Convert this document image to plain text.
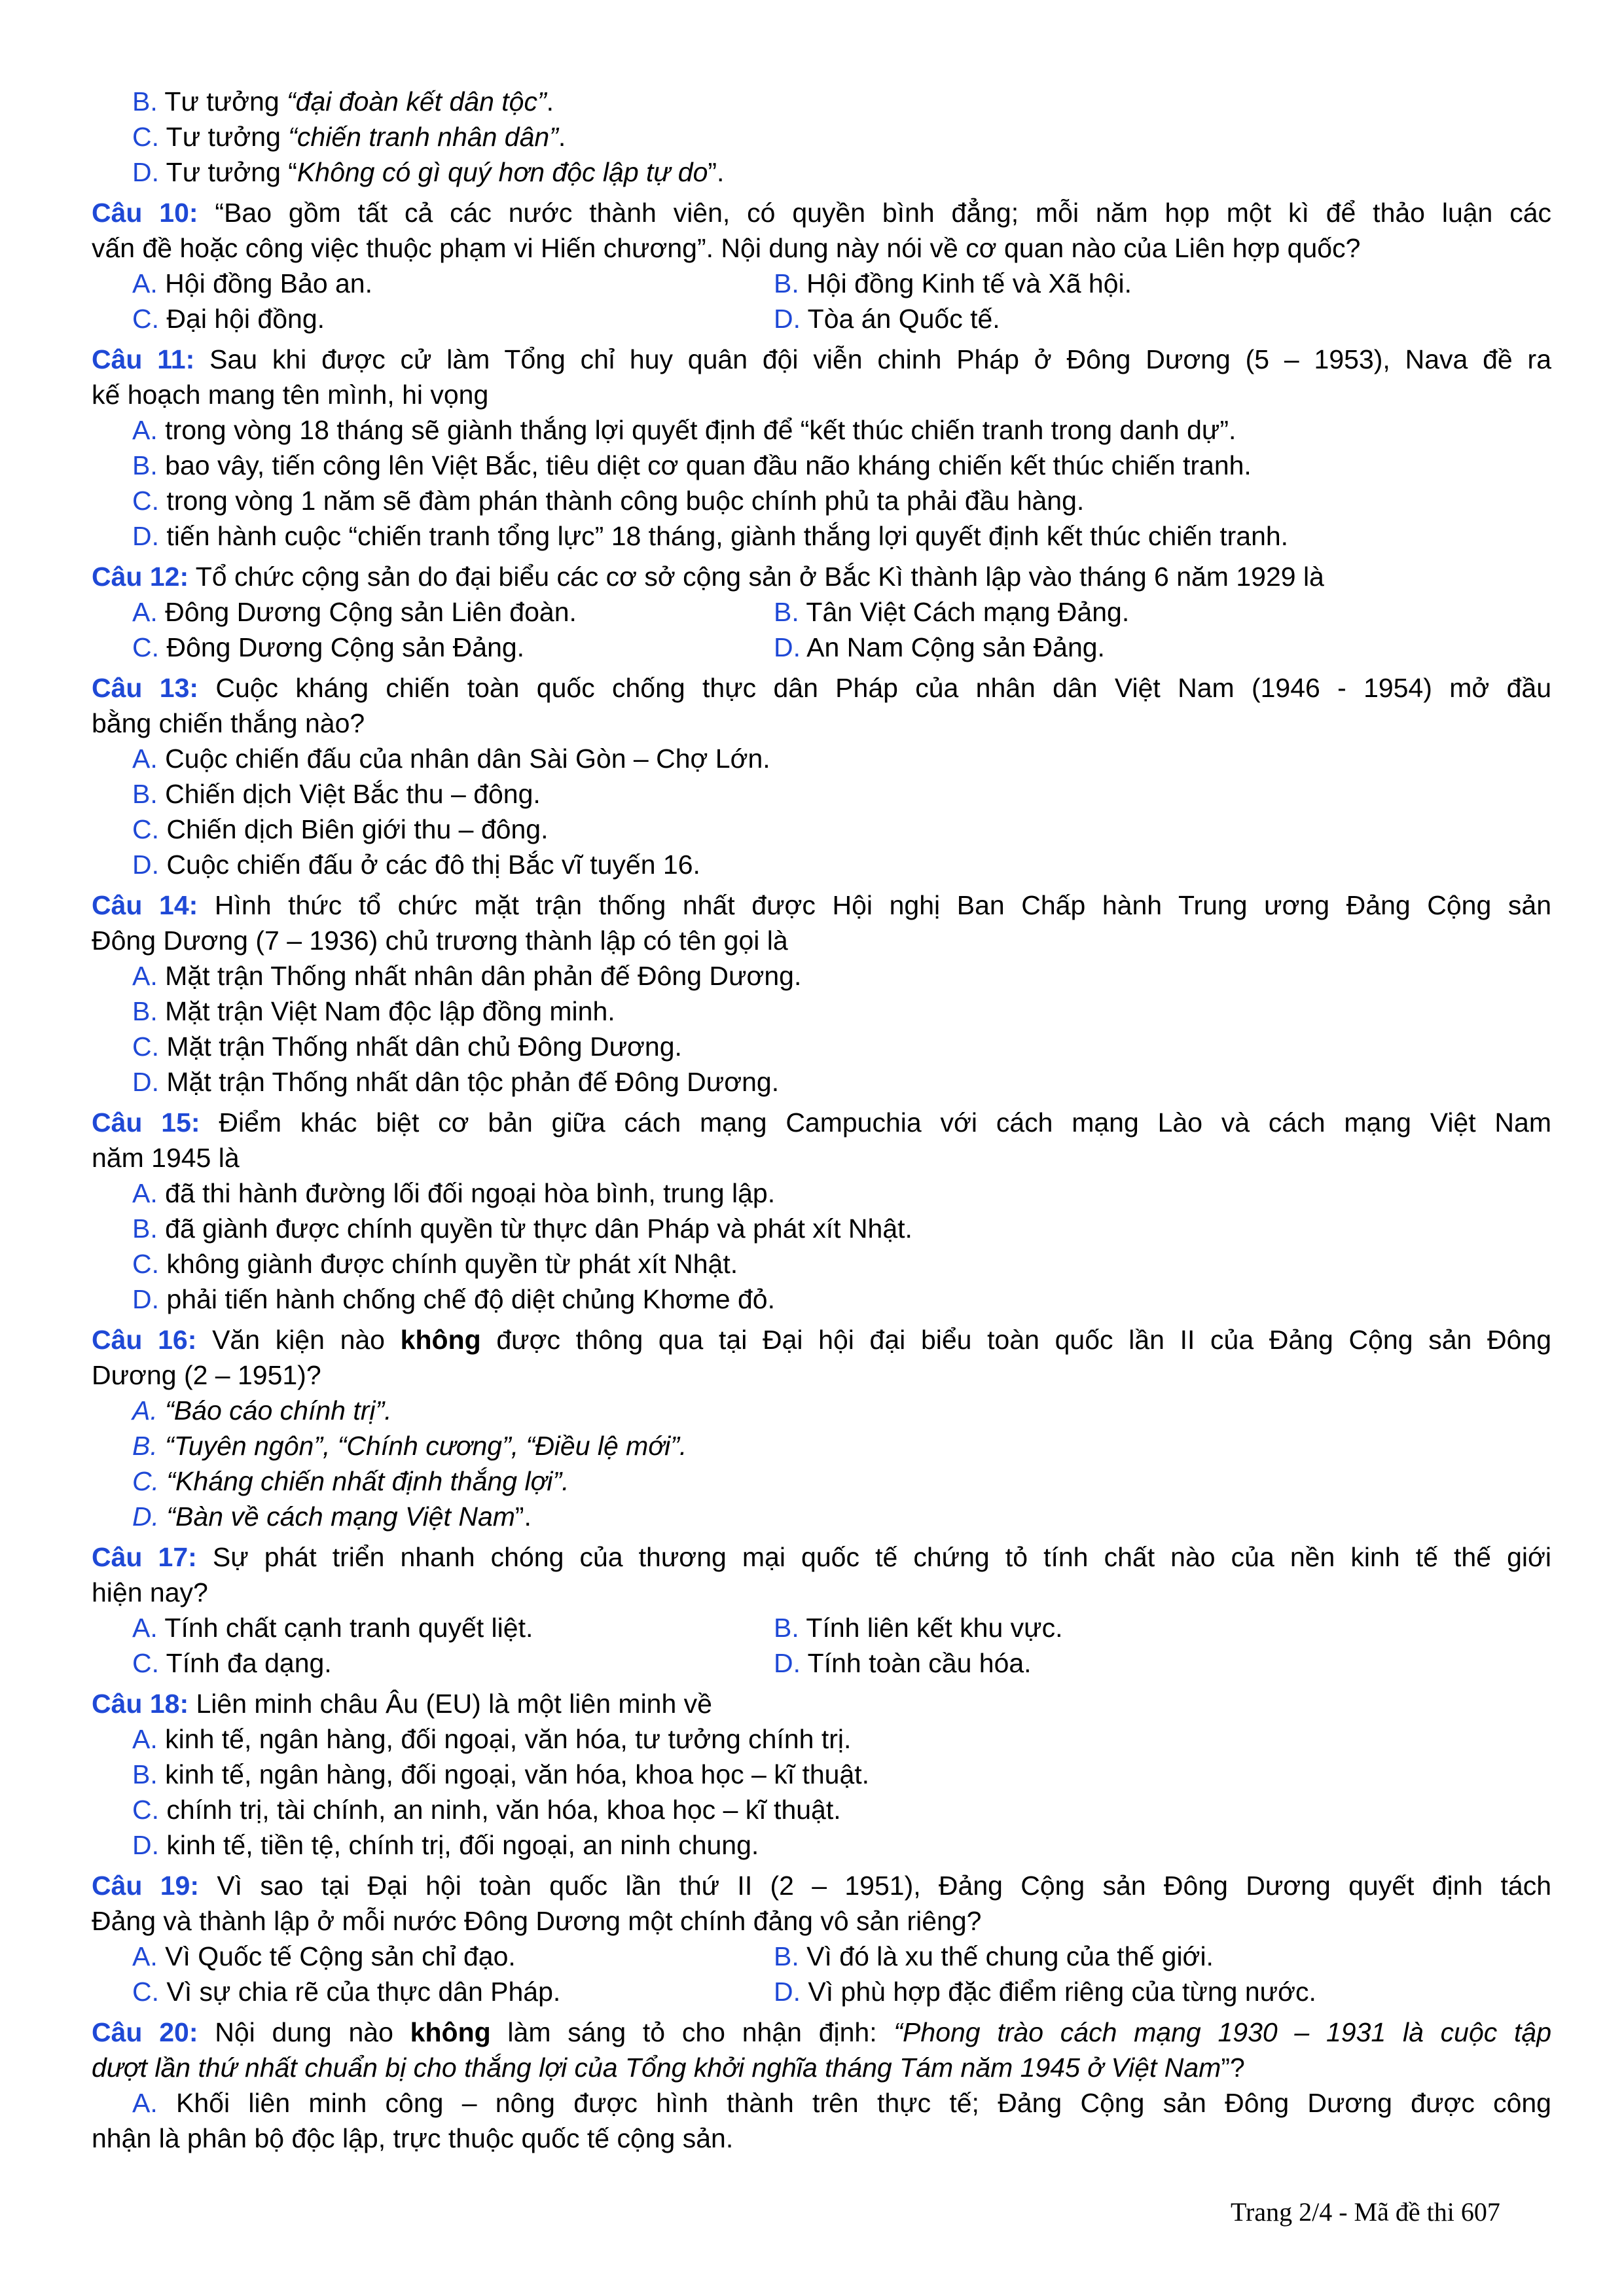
B. Tư tưởng “đại đoàn kết dân tộc”.
C. Tư tưởng “chiến tranh nhân dân”.
D. Tư tưởng “Không có gì quý hơn độc lập tự do”.
Câu 10: “Bao gồm tất cả các nước thành viên, có quyền bình đẳng; mỗi năm họp một kì để thảo luận các
vấn đề hoặc công việc thuộc phạm vi Hiến chương”. Nội dung này nói về cơ quan nào của Liên hợp quốc?
A. Hội đồng Bảo an.	B. Hội đồng Kinh tế và Xã hội.
C. Đại hội đồng.	D. Tòa án Quốc tế.
Câu 11: Sau khi được cử làm Tổng chỉ huy quân đội viễn chinh Pháp ở Đông Dương (5 – 1953), Nava đề ra
kế hoạch mang tên mình, hi vọng
A. trong vòng 18 tháng sẽ giành thắng lợi quyết định để “kết thúc chiến tranh trong danh dự”.
B. bao vây, tiến công lên Việt Bắc, tiêu diệt cơ quan đầu não kháng chiến kết thúc chiến tranh.
C. trong vòng 1 năm sẽ đàm phán thành công buộc chính phủ ta phải đầu hàng.
D. tiến hành cuộc “chiến tranh tổng lực” 18 tháng, giành thắng lợi quyết định kết thúc chiến tranh.
Câu 12: Tổ chức cộng sản do đại biểu các cơ sở cộng sản ở Bắc Kì thành lập vào tháng 6 năm 1929 là
A. Đông Dương Cộng sản Liên đoàn.	B. Tân Việt Cách mạng Đảng.
C. Đông Dương Cộng sản Đảng.	D. An Nam Cộng sản Đảng.
Câu 13: Cuộc kháng chiến toàn quốc chống thực dân Pháp của nhân dân Việt Nam (1946 - 1954) mở đầu
bằng chiến thắng nào?
A. Cuộc chiến đấu của nhân dân Sài Gòn – Chợ Lớn.
B. Chiến dịch Việt Bắc thu – đông.
C. Chiến dịch Biên giới thu – đông.
D. Cuộc chiến đấu ở các đô thị Bắc vĩ tuyến 16.
Câu 14: Hình thức tổ chức mặt trận thống nhất được Hội nghị Ban Chấp hành Trung ương Đảng Cộng sản
Đông Dương (7 – 1936) chủ trương thành lập có tên gọi là
A. Mặt trận Thống nhất nhân dân phản đế Đông Dương.
B. Mặt trận Việt Nam độc lập đồng minh.
C. Mặt trận Thống nhất dân chủ Đông Dương.
D. Mặt trận Thống nhất dân tộc phản đế Đông Dương.
Câu 15: Điểm khác biệt cơ bản giữa cách mạng Campuchia với cách mạng Lào và cách mạng Việt Nam
năm 1945 là
A. đã thi hành đường lối đối ngoại hòa bình, trung lập.
B. đã giành được chính quyền từ thực dân Pháp và phát xít Nhật.
C. không giành được chính quyền từ phát xít Nhật.
D. phải tiến hành chống chế độ diệt chủng Khơme đỏ.
Câu 16: Văn kiện nào không được thông qua tại Đại hội đại biểu toàn quốc lần II của Đảng Cộng sản Đông
Dương (2 – 1951)?
A. “Báo cáo chính trị”.
B. “Tuyên ngôn”, “Chính cương”, “Điều lệ mới”.
C. “Kháng chiến nhất định thắng lợi”.
D. “Bàn về cách mạng Việt Nam”.
Câu 17: Sự phát triển nhanh chóng của thương mại quốc tế chứng tỏ tính chất nào của nền kinh tế thế giới
hiện nay?
A. Tính chất cạnh tranh quyết liệt.	B. Tính liên kết khu vực.
C. Tính đa dạng.	D. Tính toàn cầu hóa.
Câu 18: Liên minh châu Âu (EU) là một liên minh về
A. kinh tế, ngân hàng, đối ngoại, văn hóa, tư tưởng chính trị.
B. kinh tế, ngân hàng, đối ngoại, văn hóa, khoa học – kĩ thuật.
C. chính trị, tài chính, an ninh, văn hóa, khoa học – kĩ thuật.
D. kinh tế, tiền tệ, chính trị, đối ngoại, an ninh chung.
Câu 19: Vì sao tại Đại hội toàn quốc lần thứ II (2 – 1951), Đảng Cộng sản Đông Dương quyết định tách
Đảng và thành lập ở mỗi nước Đông Dương một chính đảng vô sản riêng?
A. Vì Quốc tế Cộng sản chỉ đạo.	B. Vì đó là xu thế chung của thế giới.
C. Vì sự chia rẽ của thực dân Pháp.	D. Vì phù hợp đặc điểm riêng của từng nước.
Câu 20: Nội dung nào không làm sáng tỏ cho nhận định: “Phong trào cách mạng 1930 – 1931 là cuộc tập
dượt lần thứ nhất chuẩn bị cho thắng lợi của Tổng khởi nghĩa tháng Tám năm 1945 ở Việt Nam”?
A. Khối liên minh công – nông được hình thành trên thực tế; Đảng Cộng sản Đông Dương được công
nhận là phân bộ độc lập, trực thuộc quốc tế cộng sản.
Trang 2/4 - Mã đề thi 607
